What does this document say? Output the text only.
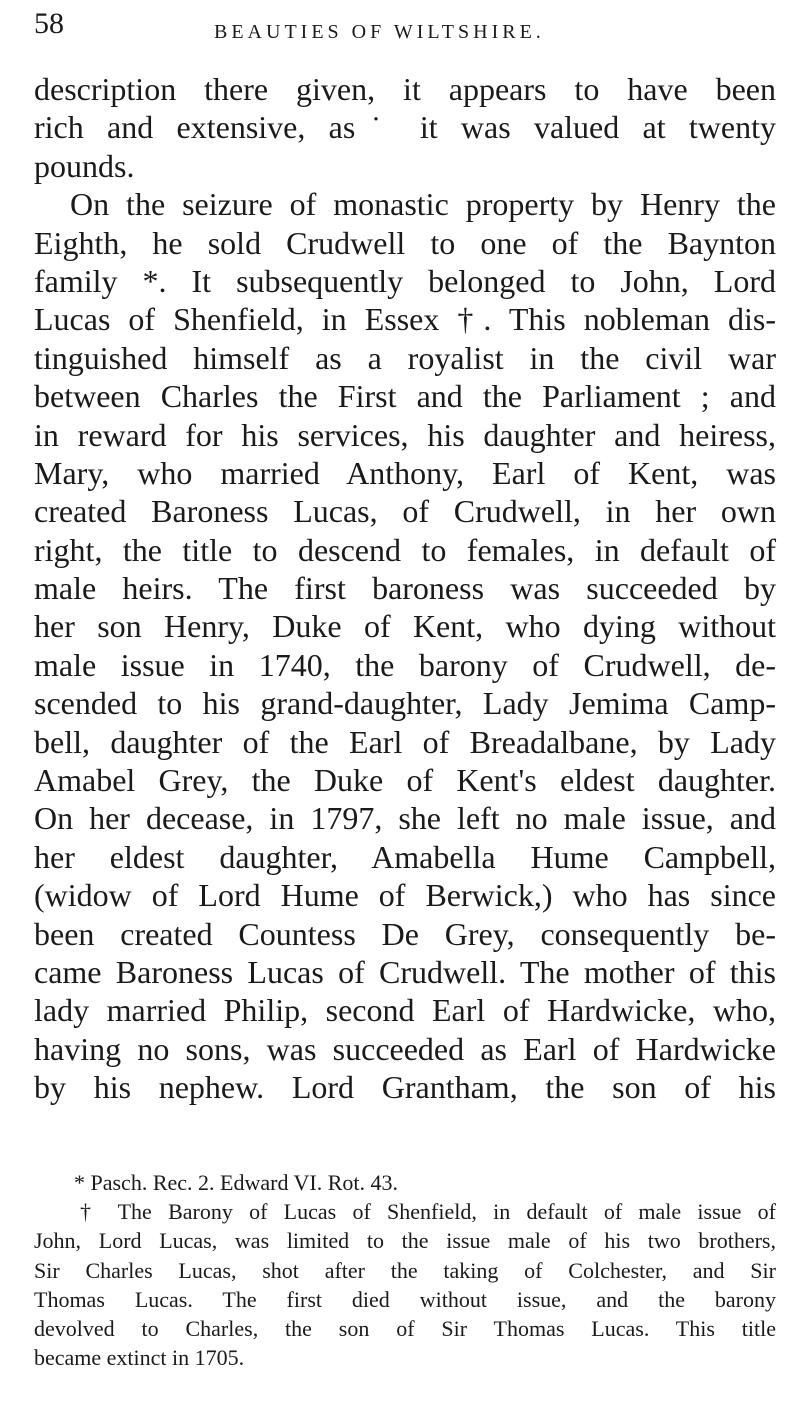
58	BEAUTIES OF WILTSHIRE.
description there given, it appears to have been
rich and extensive, as˙ it was valued at twenty
pounds.
On the seizure of monastic property by Henry the
Eighth, he sold Crudwell to one of the Baynton
family *. It subsequently belonged to John, Lord
Lucas of Shenfield, in Essex †. This nobleman dis-
tinguished himself as a royalist in the civil war
between Charles the First and the Parliament ; and
in reward for his services, his daughter and heiress,
Mary, who married Anthony, Earl of Kent, was
created Baroness Lucas, of Crudwell, in her own
right, the title to descend to females, in default of
male heirs. The first baroness was succeeded by
her son Henry, Duke of Kent, who dying without
male issue in 1740, the barony of Crudwell, de-
scended to his grand-daughter, Lady Jemima Camp-
bell, daughter of the Earl of Breadalbane, by Lady
Amabel Grey, the Duke of Kent's eldest daughter.
On her decease, in 1797, she left no male issue, and
her eldest daughter, Amabella Hume Campbell,
(widow of Lord Hume of Berwick,) who has since
been created Countess De Grey, consequently be-
came Baroness Lucas of Crudwell. The mother of this
lady married Philip, second Earl of Hardwicke, who,
having no sons, was succeeded as Earl of Hardwicke
by his nephew. Lord Grantham, the son of his
* Pasch. Rec. 2. Edward VI. Rot. 43.
† The Barony of Lucas of Shenfield, in default of male issue of
John, Lord Lucas, was limited to the issue male of his two brothers,
Sir Charles Lucas, shot after the taking of Colchester, and Sir
Thomas Lucas. The first died without issue, and the barony
devolved to Charles, the son of Sir Thomas Lucas. This title
became extinct in 1705.
